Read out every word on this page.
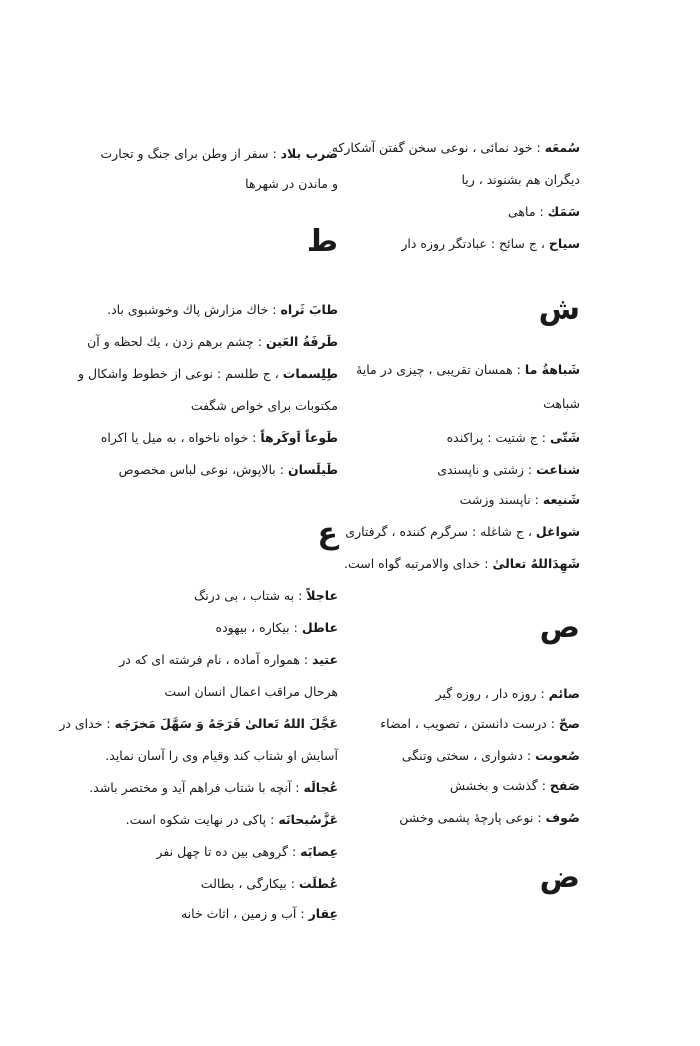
سُمعَه : خود نمائی ، نوعی سخن گفتن آشکارکه
دیگران هم بشنوند ، ریا
سَمَك : ماهی
سیاح ، ج سائح : عبادتگر روزه دار
ش
شَباهةُ ما : همسان تقریبی ، چیزی در مایهٔ
شباهت
شَتّی : ج شتیت : پراکنده
شناعت : زشتی و ناپسندی
شَنیعه : ناپسند وزشت
شواغل ، ج شاغله : سرگرم کننده ، گرفتاری
شَهِدَاللهُ تعالیٰ : خدای والامرتبه گواه است.
ص
صائم : روزه دار ، روزه گیر
صحّ : درست دانستن ، تصویب ، امضاء
صُعوبت : دشواری ، سختی وتنگی
صَفح : گذشت و بخشش
صُوف : نوعی پارچهٔ پشمی وخشن
ض
ضرب بلاد : سفر از وطن برای جنگ و تجارت
و ماندن در شهرها
ط
طابَ ثَراه : خاك مزارش پاك وخوشبوی باد.
طَرفَةُ العَین : چشم برهم زدن ، یك لحظه و آن
طِلِسمات ، ج طلسم : نوعی از خطوط واشکال و
مکتوبات برای خواص شگفت
طَوعاً اَوکَرهاً : خواه ناخواه ، به میل یا اکراه
طَیلَسان : بالاپوش، نوعی لباس مخصوص
ع
عاجلاً : به شتاب ، بی درنگ
عاطل : بیکاره ، بیهوده
عتید : همواره آماده ، نام فرشته ای که در
هرحال مراقب اعمال انسان است
عَجَّلَ اللهُ تَعالیٰ فَرَجَهُ وَ سَهَّلَ مَخرَجَه : خدای در
آسایش او شتاب کند وقیام وی را آسان نماید.
عُجالَه : آنچه با شتاب فراهم آید و مختصر باشد.
عَزَّسُبحانَه : پاکی در نهایت شکوه است.
عِصابَه : گروهی بین ده تا چهل نفر
عُطلَت : بیکارگی ، بطالت
عِقار : آب و زمین ، اثاث خانه
